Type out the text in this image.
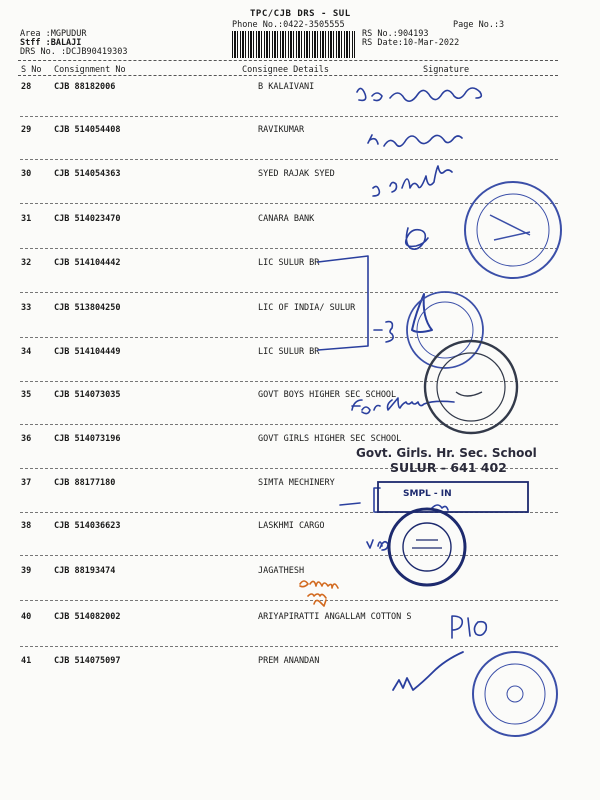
TPC/CJB DRS - SUL
Phone No.:0422-3505555	Page No.:3
Area :MGPUDUR
Stff :BALAJI
DRS No. :DCJB90419303
RS No.:904193
RS Date:10-Mar-2022
S No Consignment No	Consignee Details	Signature
28	CJB 88182006	B KALAIVANI
29	CJB 514054408	RAVIKUMAR
30	CJB 514054363	SYED RAJAK SYED
31	CJB 514023470	CANARA BANK
32	CJB 514104442	LIC SULUR BR
33	CJB 513804250	LIC OF INDIA/ SULUR
34	CJB 514104449	LIC SULUR BR
35	CJB 514073035	GOVT BOYS HIGHER SEC SCHOOL
36	CJB 514073196	GOVT GIRLS HIGHER SEC SCHOOL
37	CJB 88177180	SIMTA MECHINERY
38	CJB 514036623	LASKHMI CARGO
39	CJB 88193474	JAGATHESH
40	CJB 514082002	ARIYAPIRATTI ANGALLAM COTTON S
41	CJB 514075097	PREM ANANDAN
Govt. Girls. Hr. Sec. School
SULUR - 641 402
SMPL - IN
